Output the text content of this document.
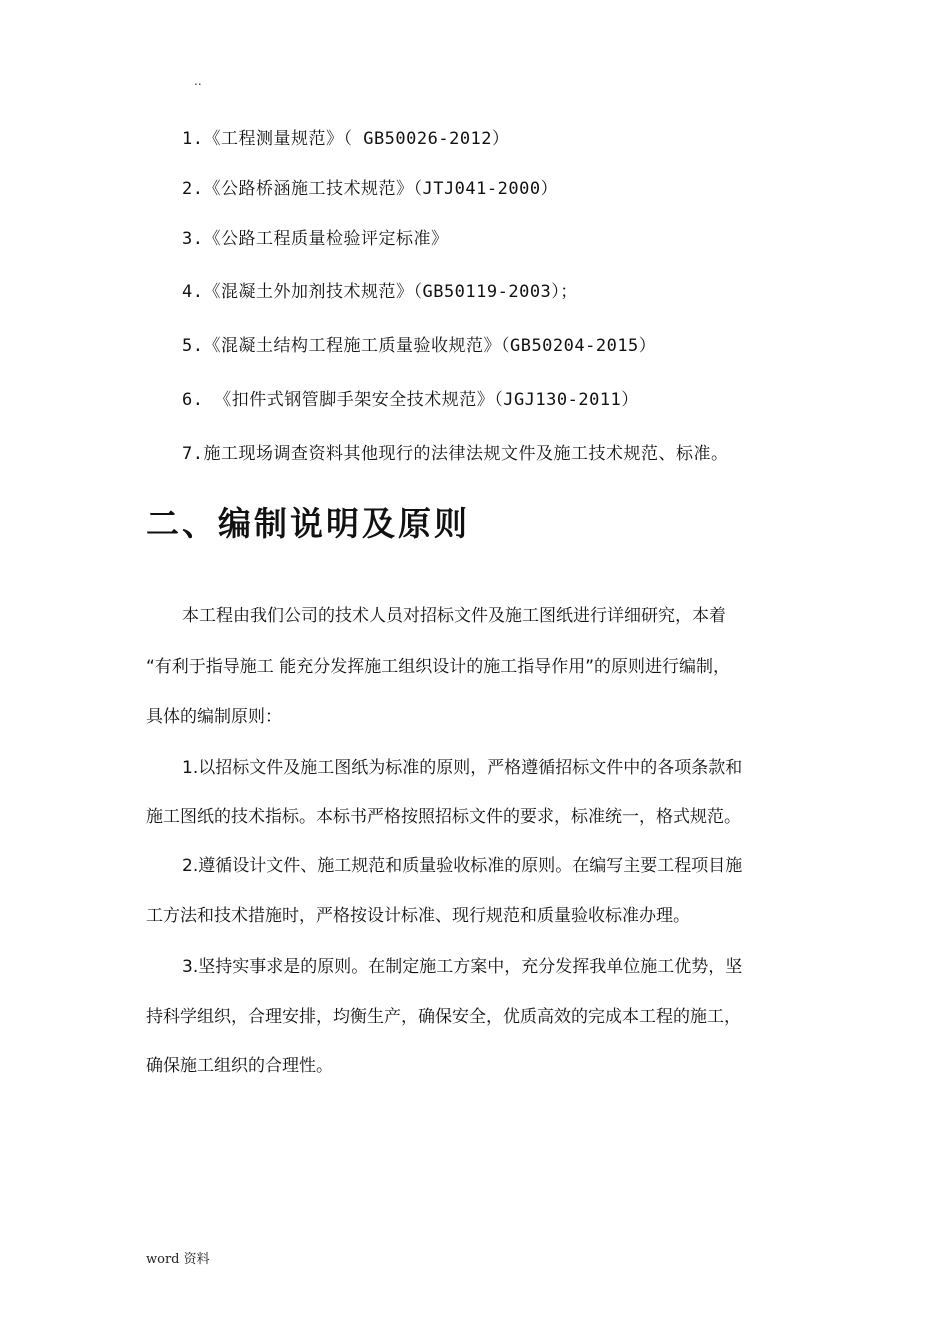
..
1.《工程测量规范》（ GB50026-2012）
2.《公路桥涵施工技术规范》（JTJ041-2000）
3.《公路工程质量检验评定标准》
4.《混凝土外加剂技术规范》（GB50119-2003）；
5.《混凝土结构工程施工质量验收规范》（GB50204-2015）
6. 《扣件式钢管脚手架安全技术规范》（JGJ130-2011）
7.施工现场调查资料其他现行的法律法规文件及施工技术规范、标准。
二、编制说明及原则
本工程由我们公司的技术人员对招标文件及施工图纸进行详细研究，本着
“有利于指导施工 能充分发挥施工组织设计的施工指导作用”的原则进行编制，
具体的编制原则：
1.以招标文件及施工图纸为标准的原则，严格遵循招标文件中的各项条款和
施工图纸的技术指标。本标书严格按照招标文件的要求，标准统一，格式规范。
2.遵循设计文件、施工规范和质量验收标准的原则。在编写主要工程项目施
工方法和技术措施时，严格按设计标准、现行规范和质量验收标准办理。
3.坚持实事求是的原则。在制定施工方案中，充分发挥我单位施工优势，坚
持科学组织，合理安排，均衡生产，确保安全，优质高效的完成本工程的施工，
确保施工组织的合理性。
word 资料
